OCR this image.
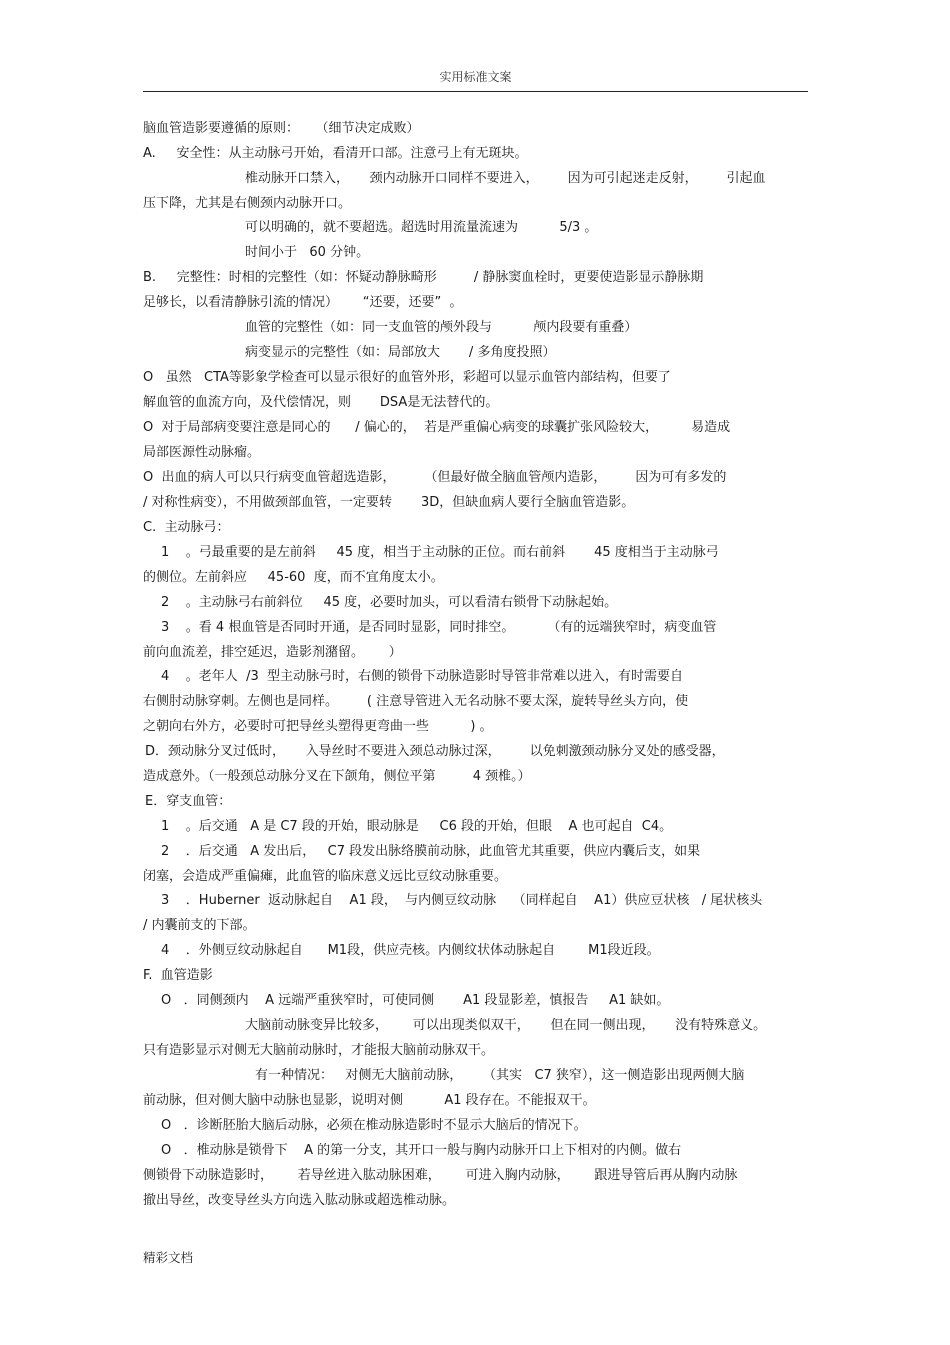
实用标准文案
脑血管造影要遵循的原则：    （细节决定成败）
A.     安全性：从主动脉弓开始，看清开口部。注意弓上有无斑块。
椎动脉开口禁入，     颈内动脉开口同样不要进入，       因为可引起迷走反射，       引起血
压下降，尤其是右侧颈内动脉开口。
可以明确的，就不要超选。超选时用流量流速为          5/3 。
时间小于   60 分钟。
B.     完整性：时相的完整性（如：怀疑动静脉畸形         / 静脉窦血栓时，更要使造影显示静脉期
足够长，以看清静脉引流的情况）      “还要，还要”  。
血管的完整性（如：同一支血管的颅外段与          颅内段要有重叠）
病变显示的完整性（如：局部放大       / 多角度投照）
Ο   虽然   CTA等影象学检查可以显示很好的血管外形，彩超可以显示血管内部结构，但要了
解血管的血流方向，及代偿情况，则       DSA是无法替代的。
Ο  对于局部病变要注意是同心的      / 偏心的，  若是严重偏心病变的球囊扩张风险较大，        易造成
局部医源性动脉瘤。
Ο  出血的病人可以只行病变血管超选造影，       （但最好做全脑血管颅内造影，       因为可有多发的
/ 对称性病变），不用做颈部血管，一定要转       3D，但缺血病人要行全脑血管造影。
C.  主动脉弓：
1    。弓最重要的是左前斜     45 度，相当于主动脉的正位。而右前斜       45 度相当于主动脉弓
的侧位。左前斜应     45-60  度，而不宜角度太小。
2    。主动脉弓右前斜位     45 度，必要时加头，可以看清右锁骨下动脉起始。
3    。看 4 根血管是否同时开通，是否同时显影，同时排空。        （有的远端狭窄时，病变血管
前向血流差，排空延迟，造影剂潴留。      ）
4    。老年人  /3  型主动脉弓时，右侧的锁骨下动脉造影时导管非常难以进入，有时需要自
右侧肘动脉穿刺。左侧也是同样。       ( 注意导管进入无名动脉不要太深，旋转导丝头方向，使
之朝向右外方，必要时可把导丝头塑得更弯曲一些          ) 。
D．颈动脉分叉过低时，     入导丝时不要进入颈总动脉过深，       以免刺激颈动脉分叉处的感受器，
造成意外。（一般颈总动脉分叉在下颌角，侧位平第         4 颈椎。）
E．穿支血管：
1    。后交通   A 是 C7 段的开始，眼动脉是     C6 段的开始，但眼    A 也可起自  C4。
2    ．后交通   A 发出后，   C7 段发出脉络膜前动脉，此血管尤其重要，供应内囊后支，如果
闭塞，会造成严重偏瘫，此血管的临床意义远比豆纹动脉重要。
3    ．Huberner  返动脉起自    A1 段，  与内侧豆纹动脉    （同样起自    A1）供应豆状核   / 尾状核头
/ 内囊前支的下部。
4    ．外侧豆纹动脉起自      M1段，供应壳核。内侧纹状体动脉起自        M1段近段。
F.  血管造影
Ο   ．同侧颈内    A 远端严重狭窄时，可使同侧       A1 段显影差，慎报告     A1 缺如。
大脑前动脉变异比较多，      可以出现类似双干，     但在同一侧出现，     没有特殊意义。
只有造影显示对侧无大脑前动脉时，才能报大脑前动脉双干。
有一种情况：   对侧无大脑前动脉，     （其实   C7 狭窄），这一侧造影出现两侧大脑
前动脉，但对侧大脑中动脉也显影，说明对侧          A1 段存在。不能报双干。
Ο   ．诊断胚胎大脑后动脉，必须在椎动脉造影时不显示大脑后的情况下。
Ο   ．椎动脉是锁骨下    A 的第一分支，其开口一般与胸内动脉开口上下相对的内侧。做右
侧锁骨下动脉造影时，      若导丝进入肱动脉困难，      可进入胸内动脉，      跟进导管后再从胸内动脉
撤出导丝，改变导丝头方向选入肱动脉或超选椎动脉。
精彩文档
